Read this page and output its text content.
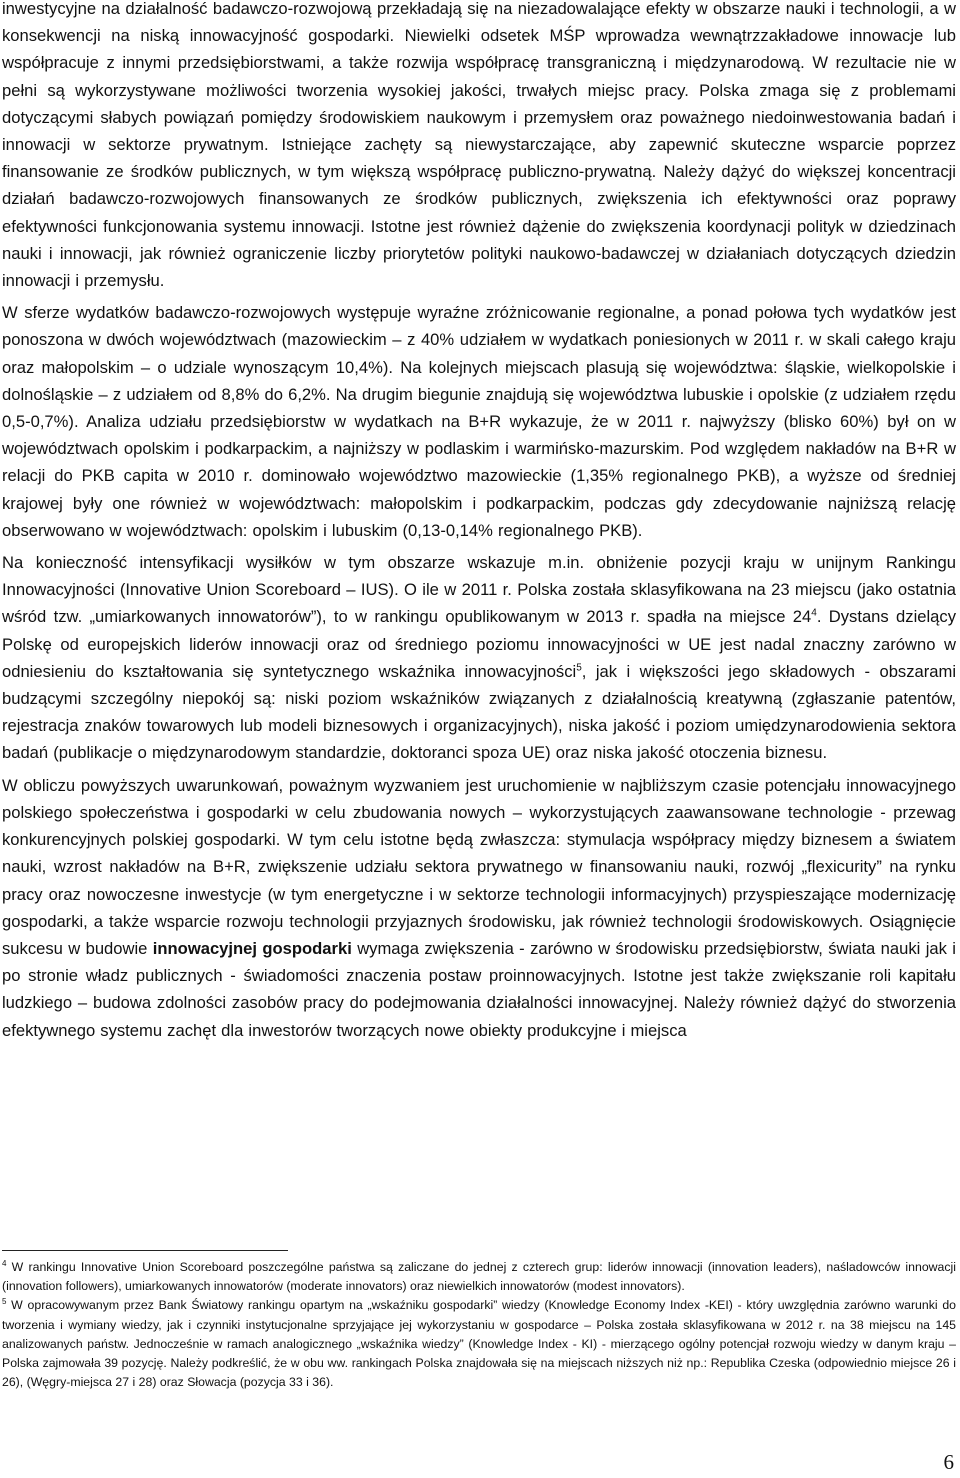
inwestycyjne na działalność badawczo-rozwojową przekładają się na niezadowalające efekty w obszarze nauki i technologii, a w konsekwencji na niską innowacyjność gospodarki. Niewielki odsetek MŚP wprowadza wewnątrzzakładowe innowacje lub współpracuje z innymi przedsiębiorstwami, a także rozwija współpracę transgraniczną i międzynarodową. W rezultacie nie w pełni są wykorzystywane możliwości tworzenia wysokiej jakości, trwałych miejsc pracy. Polska zmaga się z problemami dotyczącymi słabych powiązań pomiędzy środowiskiem naukowym i przemysłem oraz poważnego niedoinwestowania badań i innowacji w sektorze prywatnym. Istniejące zachęty są niewystarczające, aby zapewnić skuteczne wsparcie poprzez finansowanie ze środków publicznych, w tym większą współpracę publiczno-prywatną. Należy dążyć do większej koncentracji działań badawczo-rozwojowych finansowanych ze środków publicznych, zwiększenia ich efektywności oraz poprawy efektywności funkcjonowania systemu innowacji. Istotne jest również dążenie do zwiększenia koordynacji polityk w dziedzinach nauki i innowacji, jak również ograniczenie liczby priorytetów polityki naukowo-badawczej w działaniach dotyczących dziedzin innowacji i przemysłu.

W sferze wydatków badawczo-rozwojowych występuje wyraźne zróżnicowanie regionalne, a ponad połowa tych wydatków jest ponoszona w dwóch województwach (mazowieckim – z 40% udziałem w wydatkach poniesionych w 2011 r. w skali całego kraju oraz małopolskim – o udziale wynoszącym 10,4%). Na kolejnych miejscach plasują się województwa: śląskie, wielkopolskie i dolnośląskie – z udziałem od 8,8% do 6,2%. Na drugim biegunie znajdują się województwa lubuskie i opolskie (z udziałem rzędu 0,5-0,7%). Analiza udziału przedsiębiorstw w wydatkach na B+R wykazuje, że w 2011 r. najwyższy (blisko 60%) był on w województwach opolskim i podkarpackim, a najniższy w podlaskim i warmińsko-mazurskim. Pod względem nakładów na B+R w relacji do PKB capita w 2010 r. dominowało województwo mazowieckie (1,35% regionalnego PKB), a wyższe od średniej krajowej były one również w województwach: małopolskim i podkarpackim, podczas gdy zdecydowanie najniższą relację obserwowano w województwach: opolskim i lubuskim (0,13-0,14% regionalnego PKB).

Na konieczność intensyfikacji wysiłków w tym obszarze wskazuje m.in. obniżenie pozycji kraju w unijnym Rankingu Innowacyjności (Innovative Union Scoreboard – IUS). O ile w 2011 r. Polska została sklasyfikowana na 23 miejscu (jako ostatnia wśród tzw. „umiarkowanych innowatorów”), to w rankingu opublikowanym w 2013 r. spadła na miejsce $24^4$. Dystans dzielący Polskę od europejskich liderów innowacji oraz od średniego poziomu innowacyjności w UE jest nadal znaczny zarówno w odniesieniu do kształtowania się syntetycznego wskaźnika innowacyjności$^5$, jak i większości jego składowych - obszarami budzącymi szczególny niepokój są: niski poziom wskaźników związanych z działalnością kreatywną (zgłaszanie patentów, rejestracja znaków towarowych lub modeli biznesowych i organizacyjnych), niska jakość i poziom umiędzynarodowienia sektora badań (publikacje o międzynarodowym standardzie, doktoranci spoza UE) oraz niska jakość otoczenia biznesu.

W obliczu powyższych uwarunkowań, poważnym wyzwaniem jest uruchomienie w najbliższym czasie potencjału innowacyjnego polskiego społeczeństwa i gospodarki w celu zbudowania nowych – wykorzystujących zaawansowane technologie - przewag konkurencyjnych polskiej gospodarki. W tym celu istotne będą zwłaszcza: stymulacja współpracy między biznesem a światem nauki, wzrost nakładów na B+R, zwiększenie udziału sektora prywatnego w finansowaniu nauki, rozwój „flexicurity” na rynku pracy oraz nowoczesne inwestycje (w tym energetyczne i w sektorze technologii informacyjnych) przyspieszające modernizację gospodarki, a także wsparcie rozwoju technologii przyjaznych środowisku, jak również technologii środowiskowych. Osiągnięcie sukcesu w budowie innowacyjnej gospodarki wymaga zwiększenia - zarówno w środowisku przedsiębiorstw, świata nauki jak i po stronie władz publicznych - świadomości znaczenia postaw proinnowacyjnych. Istotne jest także zwiększanie roli kapitału ludzkiego – budowa zdolności zasobów pracy do podejmowania działalności innowacyjnej. Należy również dążyć do stworzenia efektywnego systemu zachęt dla inwestorów tworzących nowe obiekty produkcyjne i miejsca

$^4$ W rankingu Innovative Union Scoreboard poszczególne państwa są zaliczane do jednej z czterech grup: liderów innowacji (innovation leaders), naśladowców innowacji (innovation followers), umiarkowanych innowatorów (moderate innovators) oraz niewielkich innowatorów (modest innovators).

$^5$ W opracowywanym przez Bank Światowy rankingu opartym na „wskaźniku gospodarki” wiedzy (Knowledge Economy Index -KEI) - który uwzględnia zarówno warunki do tworzenia i wymiany wiedzy, jak i czynniki instytucjonalne sprzyjające jej wykorzystaniu w gospodarce – Polska została sklasyfikowana w 2012 r. na 38 miejscu na 145 analizowanych państw. Jednocześnie w ramach analogicznego „wskaźnika wiedzy” (Knowledge Index - KI) - mierzącego ogólny potencjał rozwoju wiedzy w danym kraju – Polska zajmowała 39 pozycję. Należy podkreślić, że w obu ww. rankingach Polska znajdowała się na miejscach niższych niż np.: Republika Czeska (odpowiednio miejsce 26 i 26), (Węgry-miejsca 27 i 28) oraz Słowacja (pozycja 33 i 36).

6
